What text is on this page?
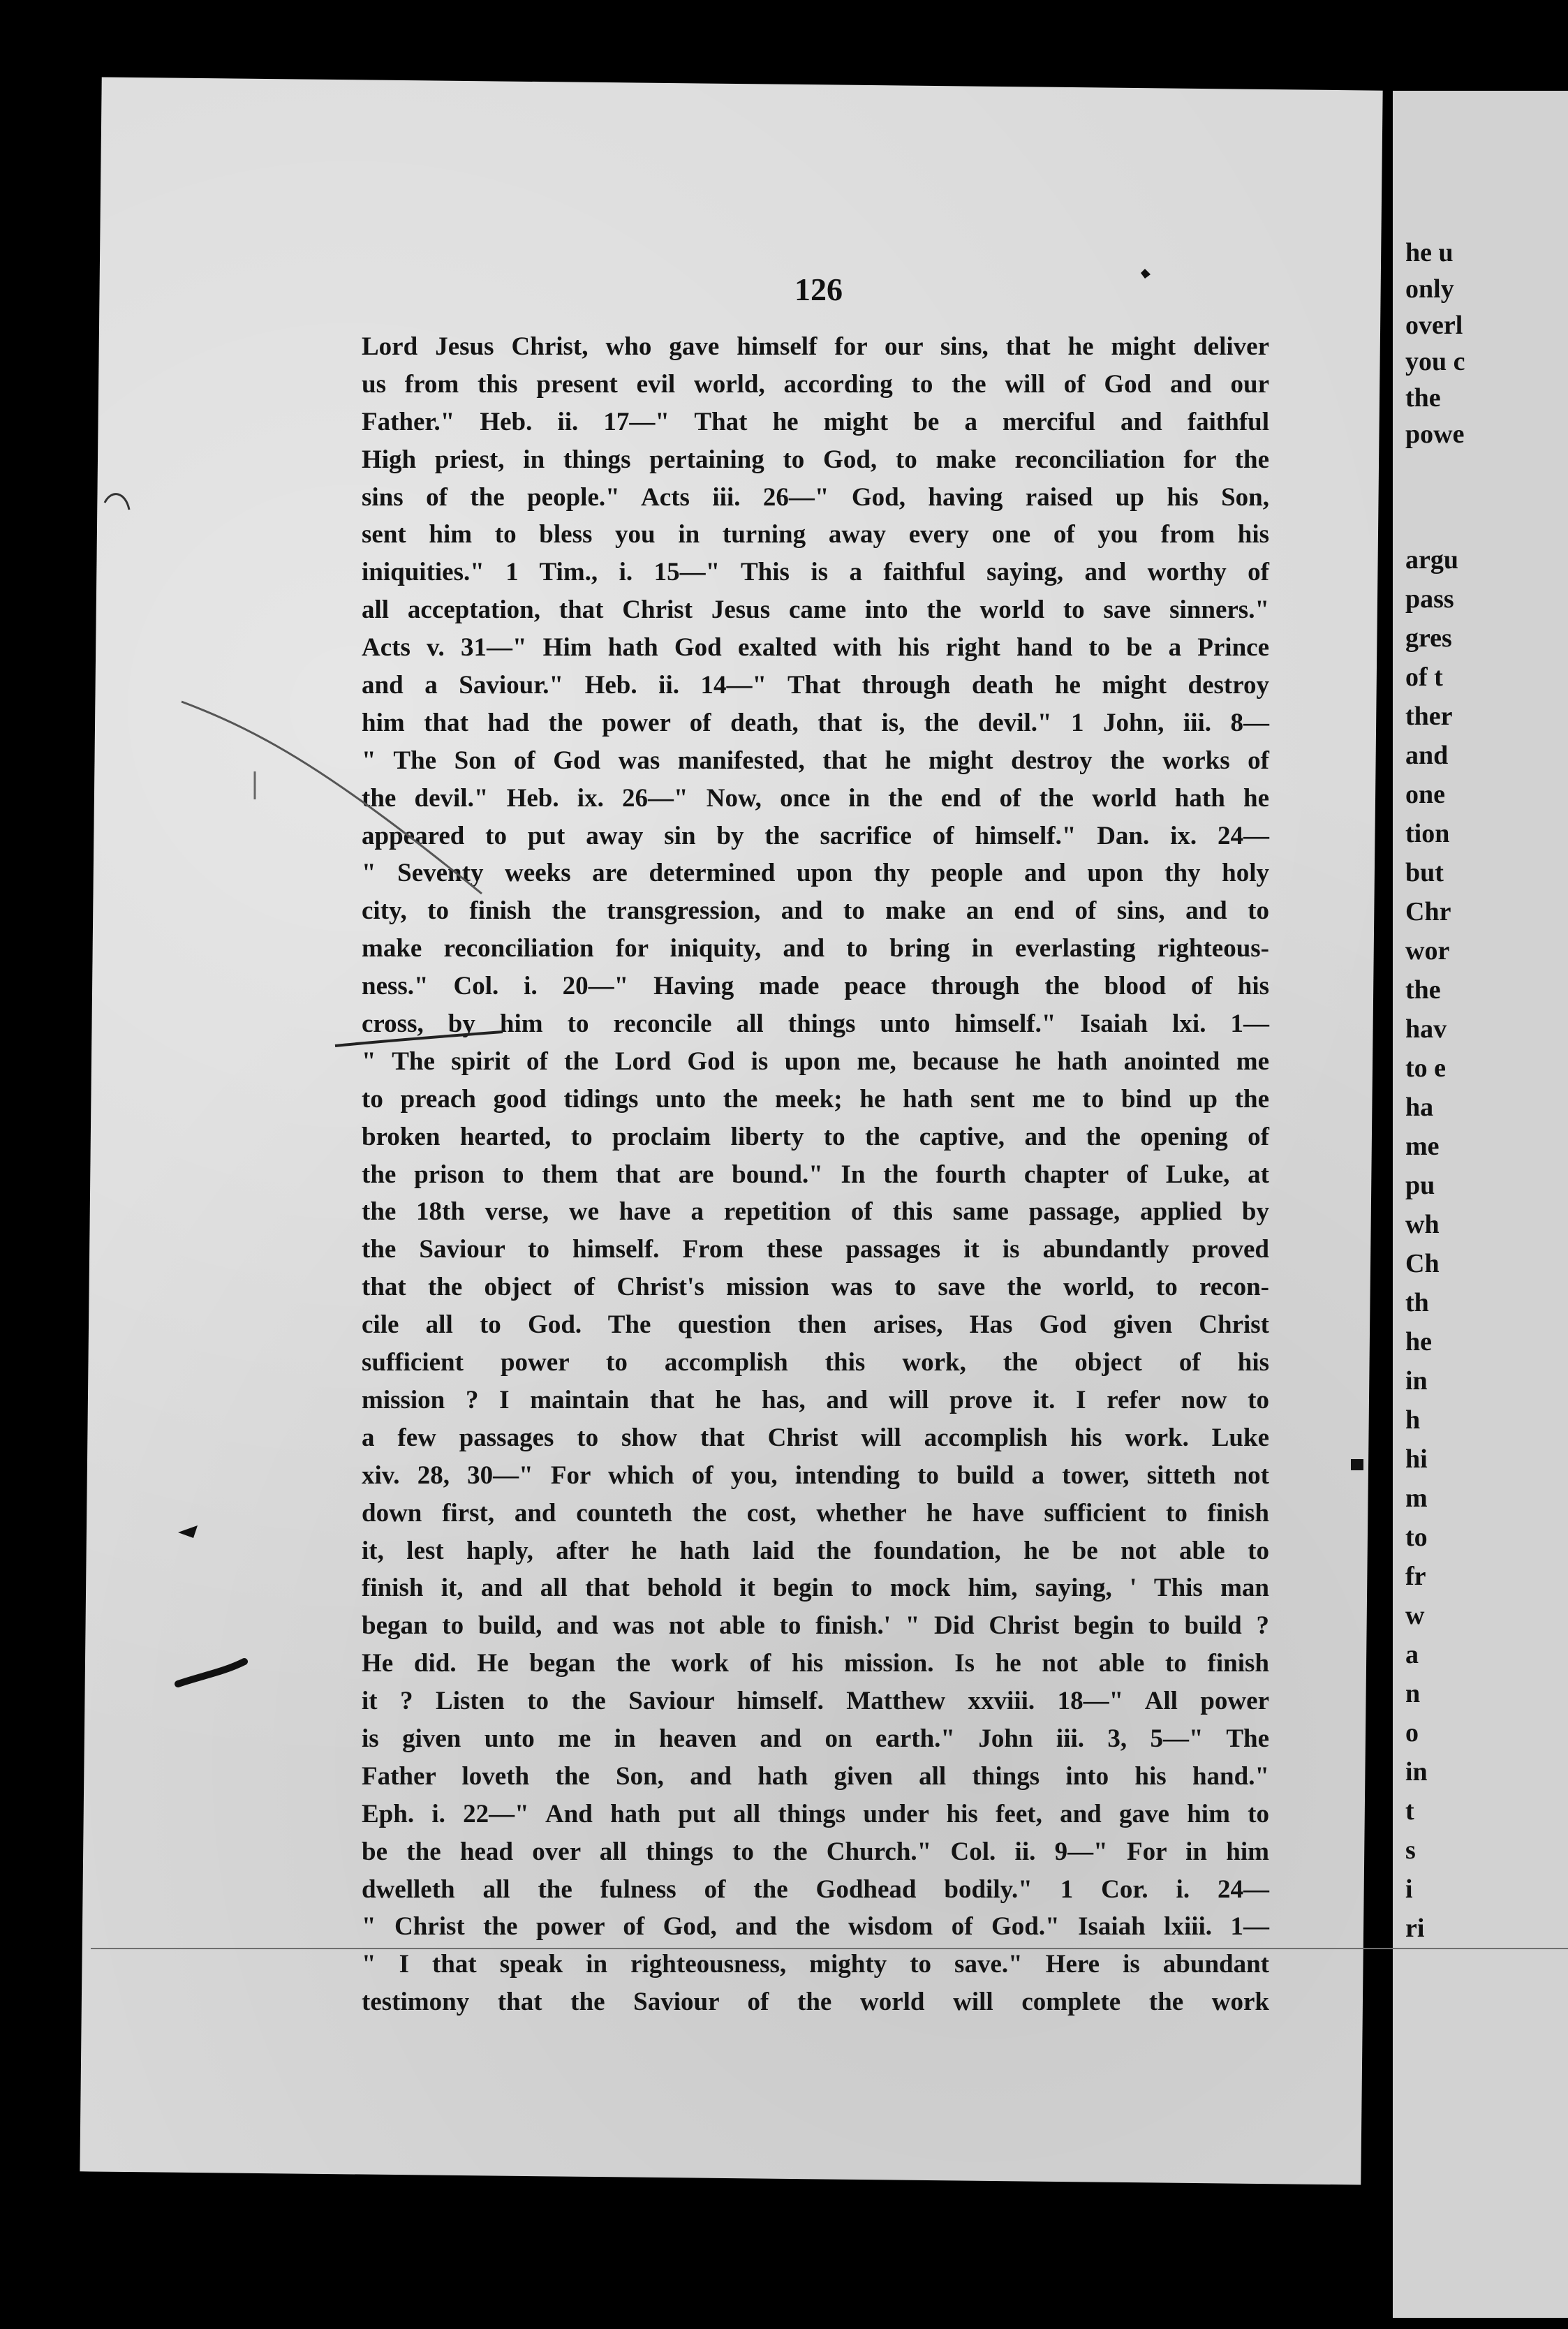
126
Lord Jesus Christ, who gave himself for our sins, that he might deliver
us from this present evil world, according to the will of God and our
Father." Heb. ii. 17—" That he might be a merciful and faithful
High priest, in things pertaining to God, to make reconciliation for the
sins of the people." Acts iii. 26—" God, having raised up his Son,
sent him to bless you in turning away every one of you from his
iniquities." 1 Tim., i. 15—" This is a faithful saying, and worthy of
all acceptation, that Christ Jesus came into the world to save sinners."
Acts v. 31—" Him hath God exalted with his right hand to be a Prince
and a Saviour." Heb. ii. 14—" That through death he might destroy
him that had the power of death, that is, the devil." 1 John, iii. 8—
" The Son of God was manifested, that he might destroy the works of
the devil." Heb. ix. 26—" Now, once in the end of the world hath he
appeared to put away sin by the sacrifice of himself." Dan. ix. 24—
" Seventy weeks are determined upon thy people and upon thy holy
city, to finish the transgression, and to make an end of sins, and to
make reconciliation for iniquity, and to bring in everlasting righteous-
ness." Col. i. 20—" Having made peace through the blood of his
cross, by him to reconcile all things unto himself." Isaiah lxi. 1—
" The spirit of the Lord God is upon me, because he hath anointed me
to preach good tidings unto the meek; he hath sent me to bind up the
broken hearted, to proclaim liberty to the captive, and the opening of
the prison to them that are bound." In the fourth chapter of Luke, at
the 18th verse, we have a repetition of this same passage, applied by
the Saviour to himself. From these passages it is abundantly proved
that the object of Christ's mission was to save the world, to recon-
cile all to God. The question then arises, Has God given Christ
sufficient power to accomplish this work, the object of his
mission ? I maintain that he has, and will prove it. I refer now to
a few passages to show that Christ will accomplish his work. Luke
xiv. 28, 30—" For which of you, intending to build a tower, sitteth not
down first, and counteth the cost, whether he have sufficient to finish
it, lest haply, after he hath laid the foundation, he be not able to
finish it, and all that behold it begin to mock him, saying, ' This man
began to build, and was not able to finish.' " Did Christ begin to build ?
He did. He began the work of his mission. Is he not able to finish
it ? Listen to the Saviour himself. Matthew xxviii. 18—" All power
is given unto me in heaven and on earth." John iii. 3, 5—" The
Father loveth the Son, and hath given all things into his hand."
Eph. i. 22—" And hath put all things under his feet, and gave him to
be the head over all things to the Church." Col. ii. 9—" For in him
dwelleth all the fulness of the Godhead bodily." 1 Cor. i. 24—
" Christ the power of God, and the wisdom of God." Isaiah lxiii. 1—
" I that speak in righteousness, mighty to save." Here is abundant
testimony that the Saviour of the world will complete the work
he u
only
overl
you c
the
powe
argu
pass
gres
of t
ther
and
one
tion
but
Chr
wor
the
hav
to e
ha
me
pu
wh
Ch
th
he
in
h
hi
m
to
fr
w
a
n
o
in
t
s
i
ri
